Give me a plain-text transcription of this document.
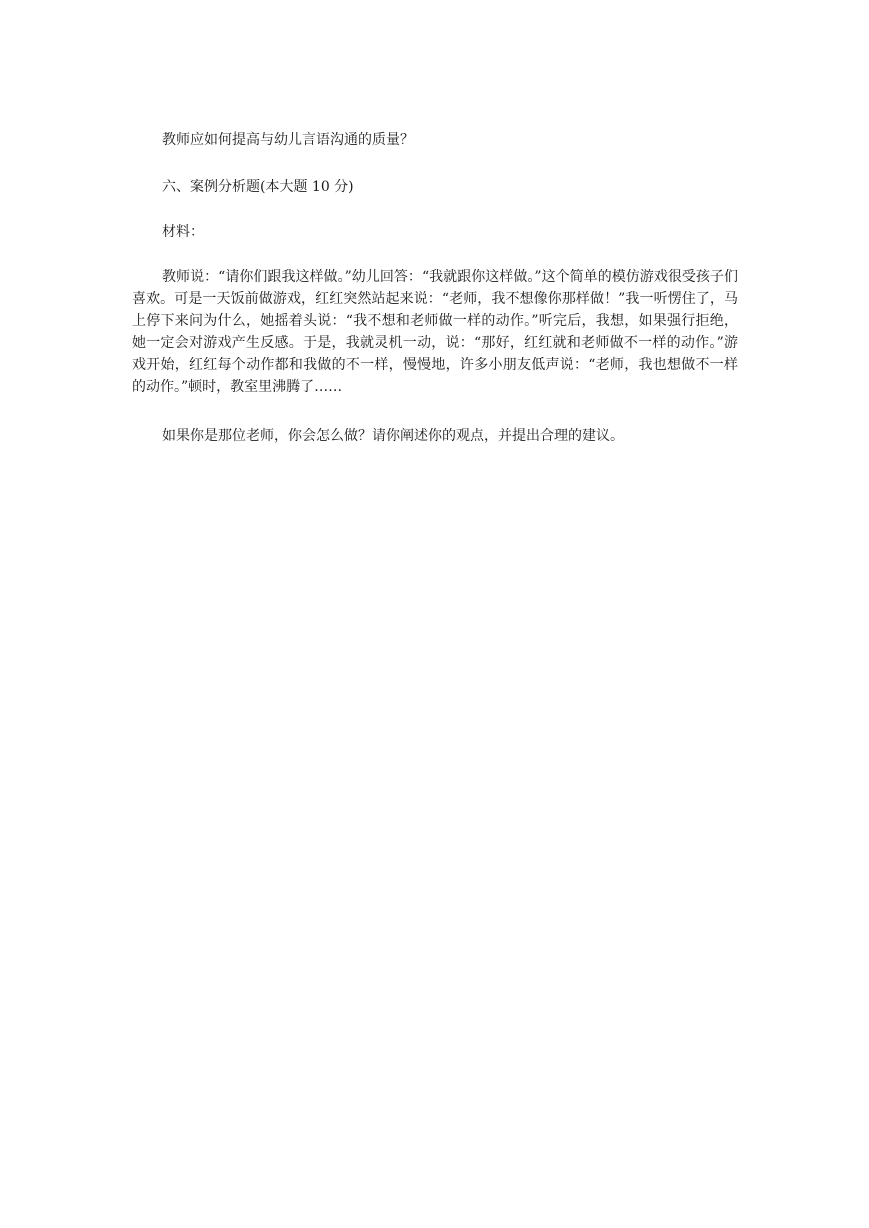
教师应如何提高与幼儿言语沟通的质量？

六、案例分析题(本大题 10 分)

材料：

教师说：“请你们跟我这样做。”幼儿回答：“我就跟你这样做。”这个简单的模仿游戏很受孩子们喜欢。可是一天饭前做游戏，红红突然站起来说：“老师，我不想像你那样做！”我一听愣住了，马上停下来问为什么，她摇着头说：“我不想和老师做一样的动作。”听完后，我想，如果强行拒绝，她一定会对游戏产生反感。于是，我就灵机一动，说：“那好，红红就和老师做不一样的动作。”游戏开始，红红每个动作都和我做的不一样，慢慢地，许多小朋友低声说：“老师，我也想做不一样的动作。”顿时，教室里沸腾了……

如果你是那位老师，你会怎么做？请你阐述你的观点，并提出合理的建议。
